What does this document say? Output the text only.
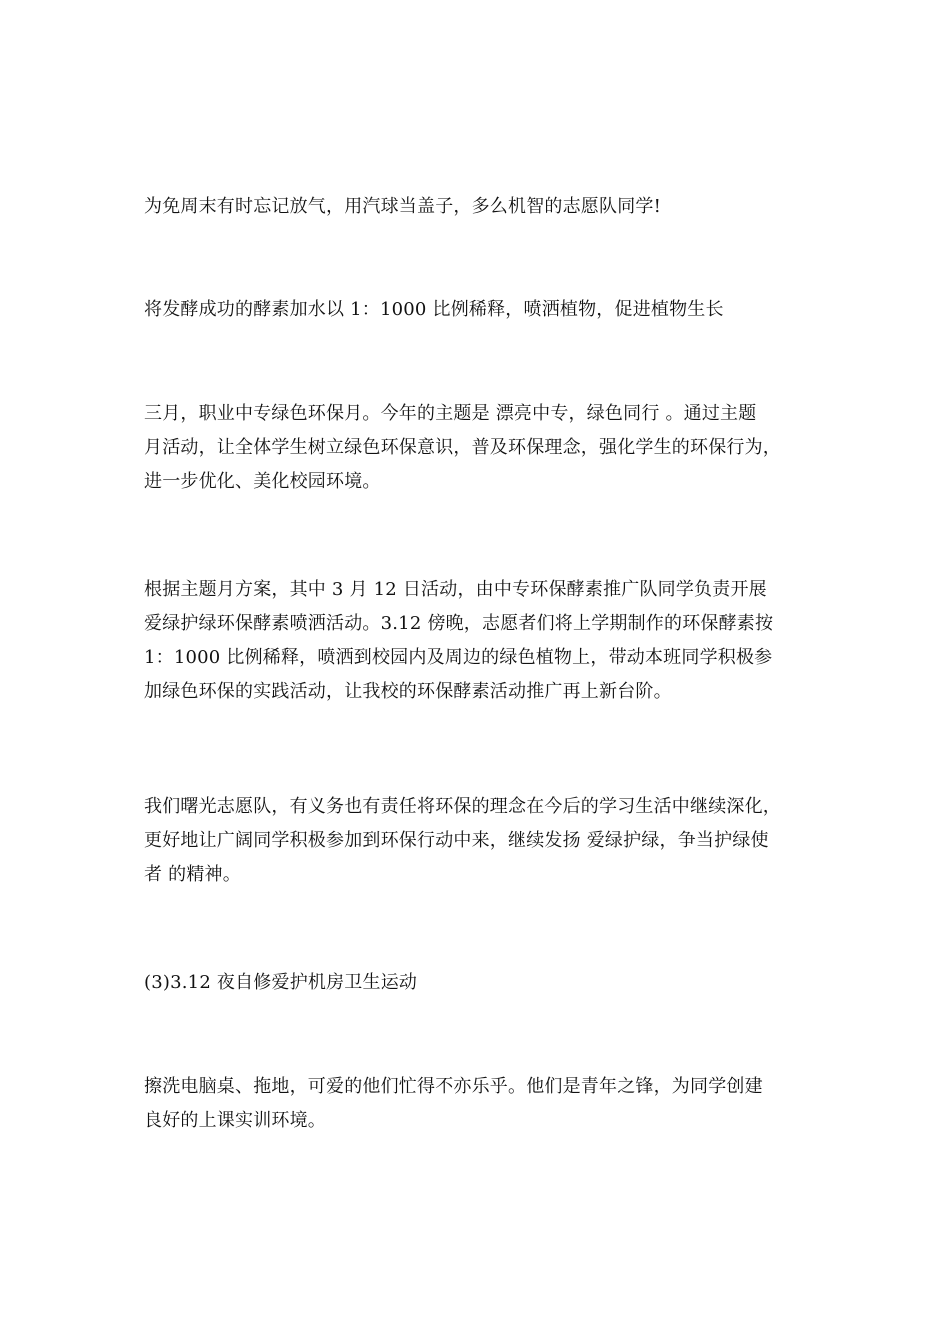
为免周末有时忘记放气，用汽球当盖子，多么机智的志愿队同学!

将发酵成功的酵素加水以 1：1000 比例稀释，喷洒植物，促进植物生长

三月，职业中专绿色环保月。今年的主题是 漂亮中专，绿色同行 。通过主题
月活动，让全体学生树立绿色环保意识，普及环保理念，强化学生的环保行为，
进一步优化、美化校园环境。

根据主题月方案，其中 3 月 12 日活动，由中专环保酵素推广队同学负责开展
爱绿护绿环保酵素喷洒活动。3.12 傍晚，志愿者们将上学期制作的环保酵素按
1：1000 比例稀释，喷洒到校园内及周边的绿色植物上，带动本班同学积极参
加绿色环保的实践活动，让我校的环保酵素活动推广再上新台阶。

我们曙光志愿队，有义务也有责任将环保的理念在今后的学习生活中继续深化，
更好地让广阔同学积极参加到环保行动中来，继续发扬 爱绿护绿，争当护绿使
者 的精神。

(3)3.12 夜自修爱护机房卫生运动

擦洗电脑桌、拖地，可爱的他们忙得不亦乐乎。他们是青年之锋，为同学创建
良好的上课实训环境。
